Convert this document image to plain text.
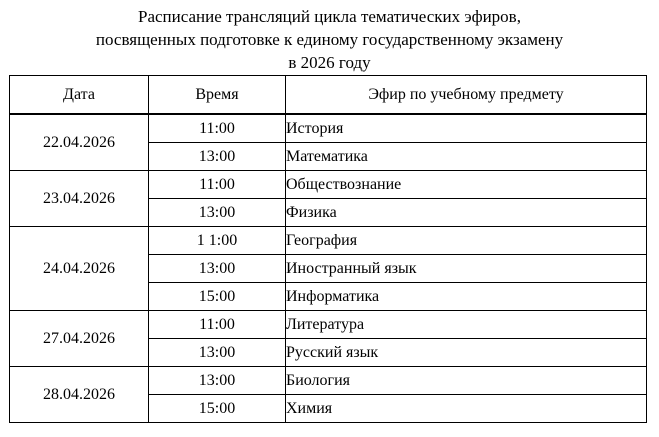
Расписание трансляций цикла тематических эфиров,
посвященных подготовке к единому государственному экзамену
в 2026 году
Дата	Время	Эфир по учебному предмету
22.04.2026	11:00	История
	13:00	Математика
23.04.2026	11:00	Обществознание
	13:00	Физика
24.04.2026	1 1:00	География
	13:00	Иностранный язык
	15:00	Информатика
27.04.2026	11:00	Литература
	13:00	Русский язык
28.04.2026	13:00	Биология
	15:00	Химия
